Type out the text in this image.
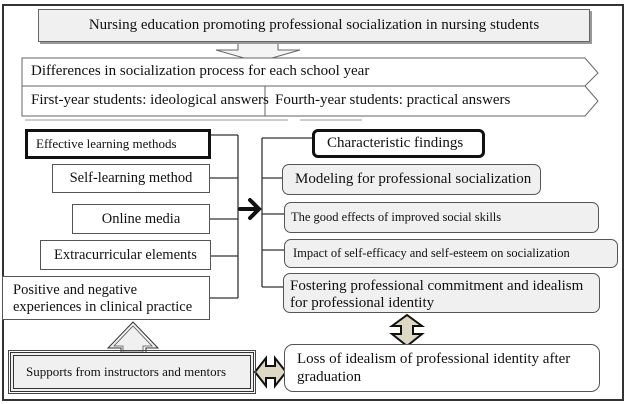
Nursing education promoting professional socialization in nursing students
Differences in socialization process for each school year
First-year students: ideological answers Fourth-year students: practical answers
Effective learning methods
Self-learning method
Online media
Extracurricular elements
Positive and negative
experiences in clinical practice
Supports from instructors and mentors
Characteristic findings
Modeling for professional socialization
The good effects of improved social skills
Impact of self-efficacy and self-esteem on socialization
Fostering professional commitment and idealism
for professional identity
Loss of idealism of professional identity after
graduation
